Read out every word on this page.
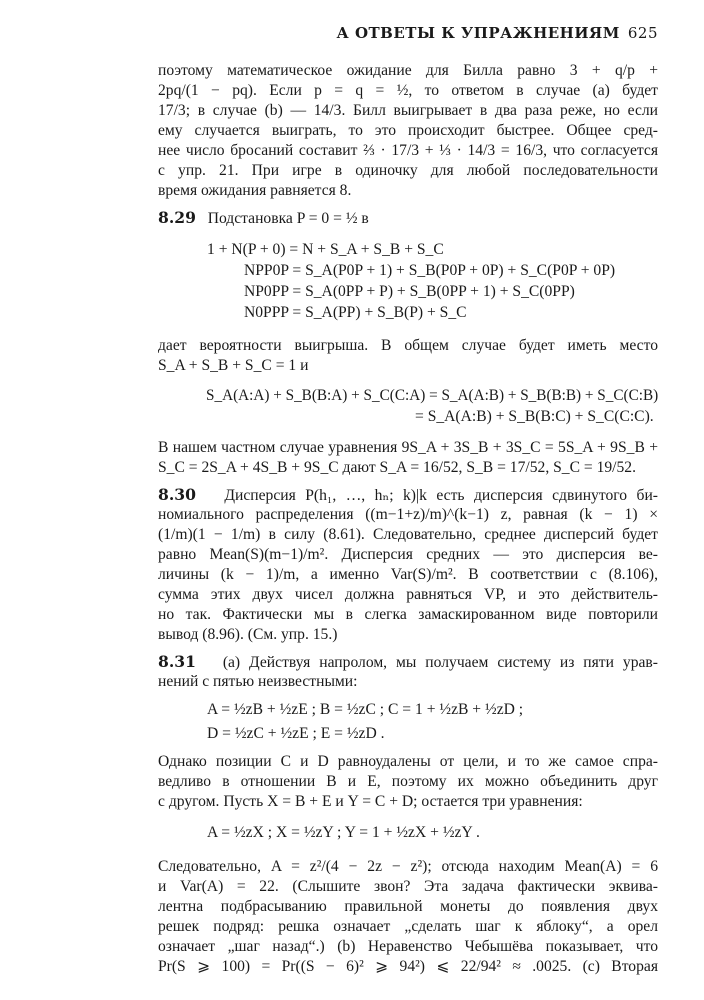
А ОТВЕТЫ К УПРАЖНЕНИЯМ 625
поэтому математическое ожидание для Билла равно 3 + q/p +
2pq/(1 − pq). Если p = q = ½, то ответом в случае (a) будет
17/3; в случае (b) — 14/3. Билл выигрывает в два раза реже, но если
ему случается выиграть, то это происходит быстрее. Общее сред-
нее число бросаний составит ⅔ · 17/3 + ⅓ · 14/3 = 16/3, что согласуется
с упр. 21. При игре в одиночку для любой последовательности
время ожидания равняется 8.
8.29 Подстановка P = 0 = ½ в
1 + N(P + 0) = N + S_A + S_B + S_C
NPP0P = S_A(P0P + 1) + S_B(P0P + 0P) + S_C(P0P + 0P)
NP0PP = S_A(0PP + P) + S_B(0PP + 1) + S_C(0PP)
N0PPP = S_A(PP) + S_B(P) + S_C
дает вероятности выигрыша. В общем случае будет иметь место
S_A + S_B + S_C = 1 и
S_A(A:A) + S_B(B:A) + S_C(C:A) = S_A(A:B) + S_B(B:B) + S_C(C:B)
= S_A(A:B) + S_B(B:C) + S_C(C:C).
В нашем частном случае уравнения 9S_A + 3S_B + 3S_C = 5S_A + 9S_B +
S_C = 2S_A + 4S_B + 9S_C дают S_A = 16/52, S_B = 17/52, S_C = 19/52.
8.30 Дисперсия P(h₁, …, hₙ; k)|k есть дисперсия сдвинутого би-
номиального распределения ((m−1+z)/m)^(k−1) z, равная (k − 1) ×
(1/m)(1 − 1/m) в силу (8.61). Следовательно, среднее дисперсий будет
равно Mean(S)(m−1)/m². Дисперсия средних — это дисперсия ве-
личины (k − 1)/m, а именно Var(S)/m². В соответствии с (8.106),
сумма этих двух чисел должна равняться VP, и это действитель-
но так. Фактически мы в слегка замаскированном виде повторили
вывод (8.96). (См. упр. 15.)
8.31 (a) Действуя напролом, мы получаем систему из пяти урав-
нений с пятью неизвестными:
A = ½zB + ½zE ; B = ½zC ; C = 1 + ½zB + ½zD ;
D = ½zC + ½zE ; E = ½zD .
Однако позиции C и D равноудалены от цели, и то же самое спра-
ведливо в отношении B и E, поэтому их можно объединить друг
с другом. Пусть X = B + E и Y = C + D; остается три уравнения:
A = ½zX ; X = ½zY ; Y = 1 + ½zX + ½zY .
Следовательно, A = z²/(4 − 2z − z²); отсюда находим Mean(A) = 6
и Var(A) = 22. (Слышите звон? Эта задача фактически эквива-
лентна подбрасыванию правильной монеты до появления двух
решек подряд: решка означает „сделать шаг к яблоку“, а орел
означает „шаг назад“.) (b) Неравенство Чебышёва показывает, что
Pr(S ⩾ 100) = Pr((S − 6)² ⩾ 94²) ⩽ 22/94² ≈ .0025. (c) Вторая
